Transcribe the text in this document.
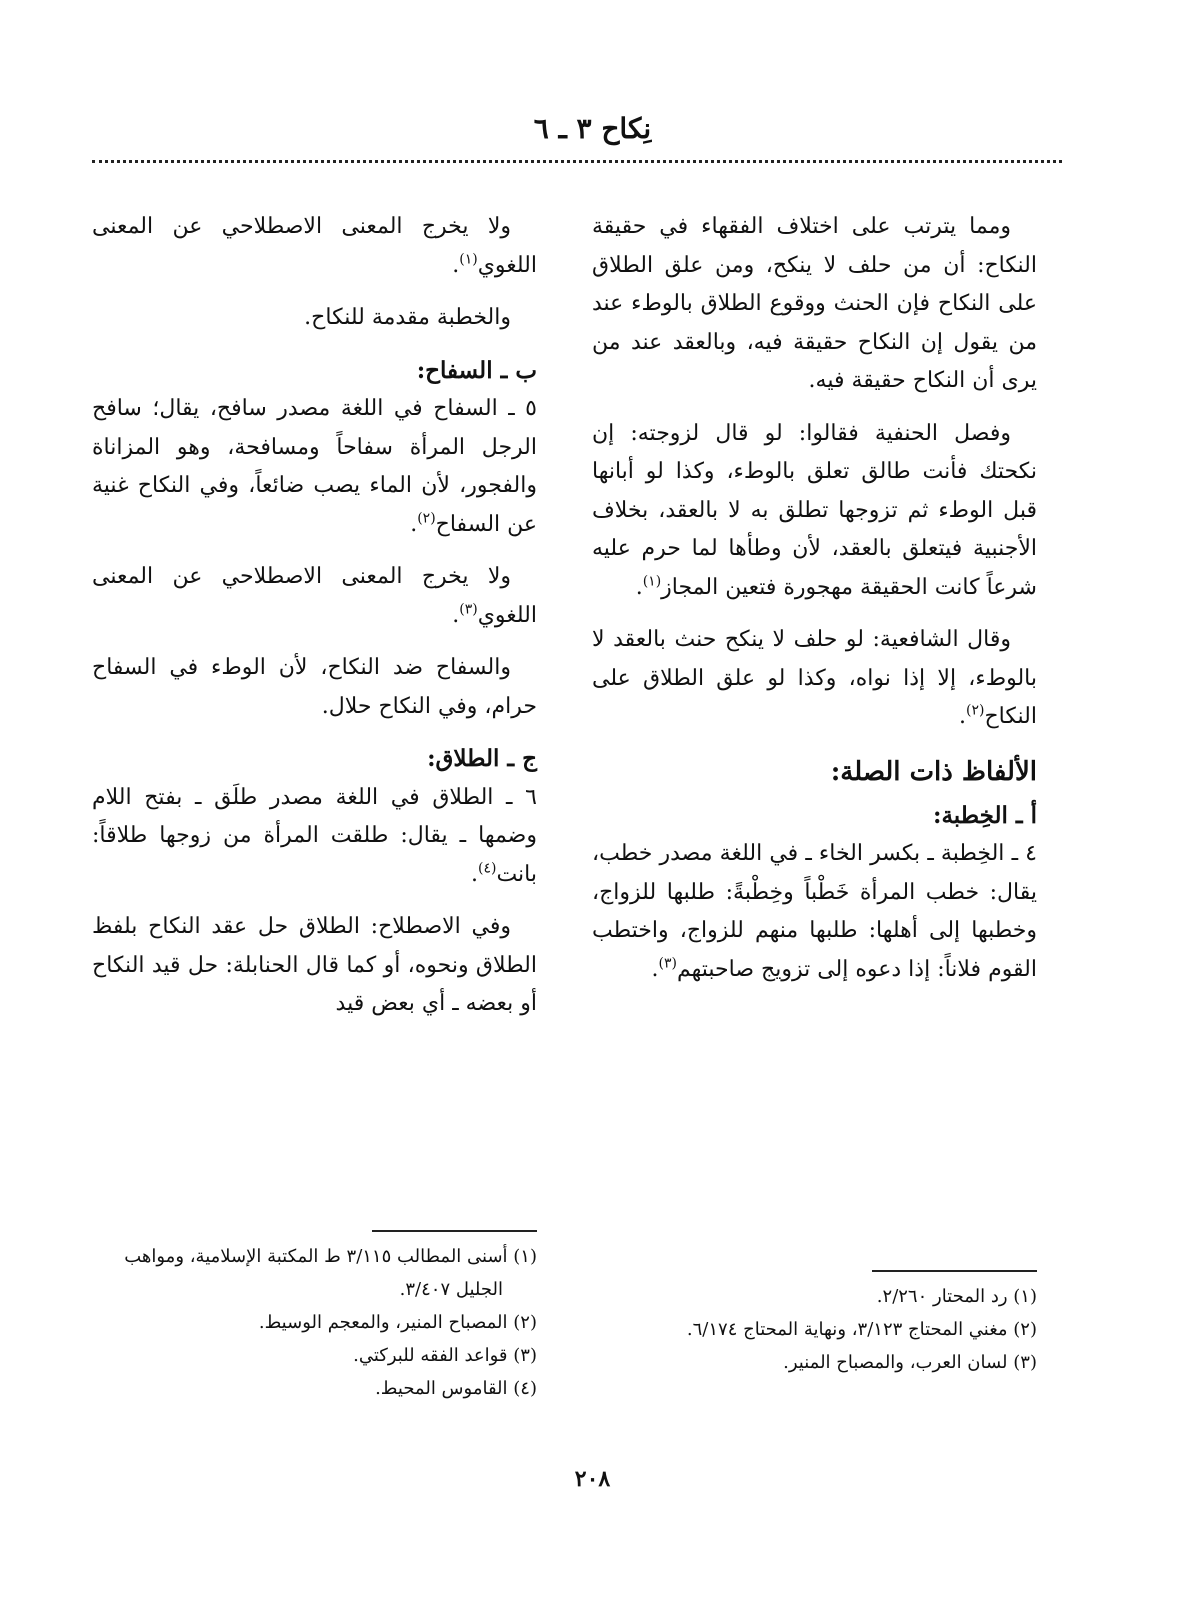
نِكاح ٣ ـ ٦

ومما يترتب على اختلاف الفقهاء في حقيقة النكاح: أن من حلف لا ينكح، ومن علق الطلاق على النكاح فإن الحنث ووقوع الطلاق بالوطء عند من يقول إن النكاح حقيقة فيه، وبالعقد عند من يرى أن النكاح حقيقة فيه.

وفصل الحنفية فقالوا: لو قال لزوجته: إن نكحتك فأنت طالق تعلق بالوطء، وكذا لو أبانها قبل الوطء ثم تزوجها تطلق به لا بالعقد، بخلاف الأجنبية فيتعلق بالعقد، لأن وطأها لما حرم عليه شرعاً كانت الحقيقة مهجورة فتعين المجاز$^{(١)}$.

وقال الشافعية: لو حلف لا ينكح حنث بالعقد لا بالوطء، إلا إذا نواه، وكذا لو علق الطلاق على النكاح$^{(٢)}$.

الألفاظ ذات الصلة:
أ ـ الخِطبة:

٤ ـ الخِطبة ـ بكسر الخاء ـ في اللغة مصدر خطب، يقال: خطب المرأة خَطْباً وخِطْبةً: طلبها للزواج، وخطبها إلى أهلها: طلبها منهم للزواج، واختطب القوم فلاناً: إذا دعوه إلى تزويج صاحبتهم$^{(٣)}$.

ولا يخرج المعنى الاصطلاحي عن المعنى اللغوي$^{(١)}$.

والخطبة مقدمة للنكاح.

ب ـ السفاح:

٥ ـ السفاح في اللغة مصدر سافح، يقال؛ سافح الرجل المرأة سفاحاً ومسافحة، وهو المزاناة والفجور، لأن الماء يصب ضائعاً، وفي النكاح غنية عن السفاح$^{(٢)}$.

ولا يخرج المعنى الاصطلاحي عن المعنى اللغوي$^{(٣)}$.

والسفاح ضد النكاح، لأن الوطء في السفاح حرام، وفي النكاح حلال.

ج ـ الطلاق:

٦ ـ الطلاق في اللغة مصدر طلَق ـ بفتح اللام وضمها ـ يقال: طلقت المرأة من زوجها طلاقاً: بانت$^{(٤)}$.

وفي الاصطلاح: الطلاق حل عقد النكاح بلفظ الطلاق ونحوه، أو كما قال الحنابلة: حل قيد النكاح أو بعضه ـ أي بعض قيد

(١) رد المحتار ٢/٢٦٠.
(٢) مغني المحتاج ٣/١٢٣، ونهاية المحتاج ٦/١٧٤.
(٣) لسان العرب، والمصباح المنير.
(١) أسنى المطالب ٣/١١٥ ط المكتبة الإسلامية، ومواهب الجليل ٣/٤٠٧.
(٢) المصباح المنير، والمعجم الوسيط.
(٣) قواعد الفقه للبركتي.
(٤) القاموس المحيط.
٢٠٨
